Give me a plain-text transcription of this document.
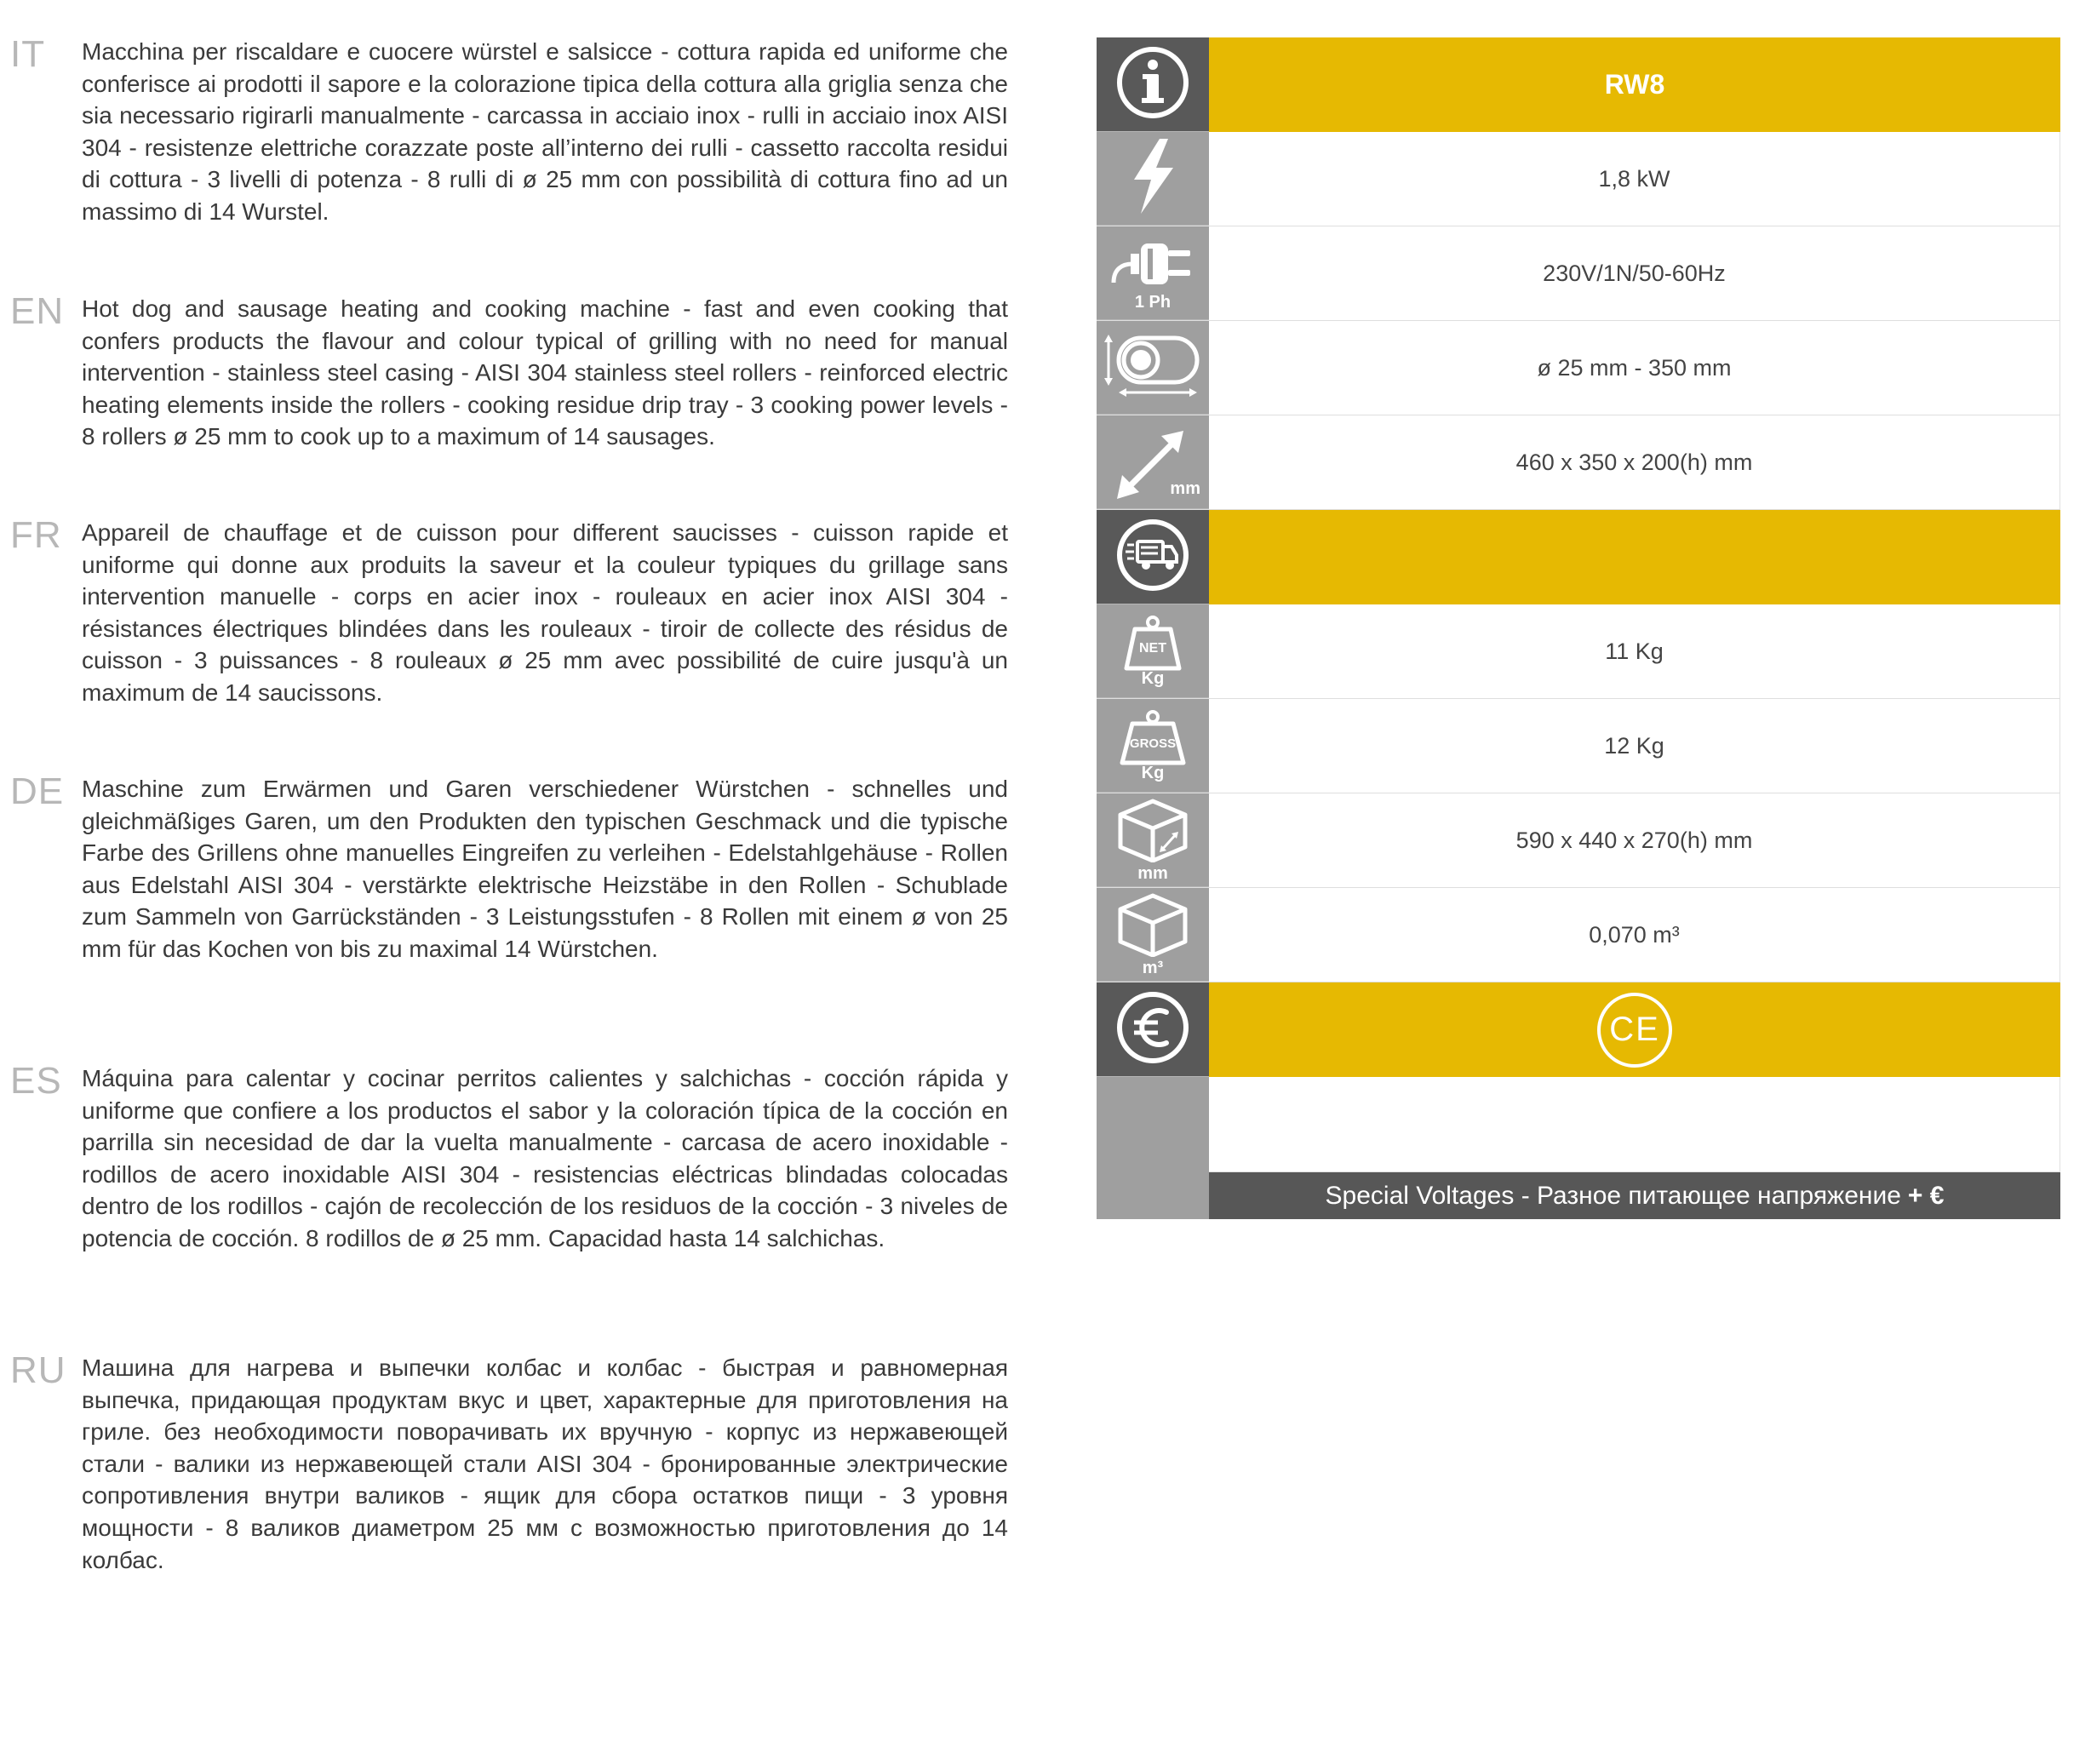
IT Macchina per riscaldare e cuocere würstel e salsicce - cottura rapida ed uniforme che conferisce ai prodotti il sapore e la colorazione tipica della cottura alla griglia senza che sia necessario rigirarli manualmente - carcassa in acciaio inox - rulli in acciaio inox AISI 304 - resistenze elettriche corazzate poste all’interno dei rulli - cassetto raccolta residui di cottura - 3 livelli di potenza - 8 rulli di ø 25 mm con possibilità di cottura fino ad un massimo di 14 Wurstel.
EN Hot dog and sausage heating and cooking machine - fast and even cooking that confers products the flavour and colour typical of grilling with no need for manual intervention - stainless steel casing - AISI 304 stainless steel rollers - reinforced electric heating elements inside the rollers - cooking residue drip tray - 3 cooking power levels - 8 rollers ø 25 mm to cook up to a maximum of 14 sausages.
FR Appareil de chauffage et de cuisson pour different saucisses - cuisson rapide et uniforme qui donne aux produits la saveur et la couleur typiques du grillage sans intervention manuelle - corps en acier inox - rouleaux en acier inox AISI 304 - résistances électriques blindées dans les rouleaux - tiroir de collecte des résidus de cuisson - 3 puissances - 8 rouleaux ø 25 mm avec possibilité de cuire jusqu'à un maximum de 14 saucissons.
DE Maschine zum Erwärmen und Garen verschiedener Würstchen - schnelles und gleichmäßiges Garen, um den Produkten den typischen Geschmack und die typische Farbe des Grillens ohne manuelles Eingreifen zu verleihen - Edelstahlgehäuse - Rollen aus Edelstahl AISI 304 - verstärkte elektrische Heizstäbe in den Rollen - Schublade zum Sammeln von Garrückständen - 3 Leistungsstufen - 8 Rollen mit einem ø von 25 mm für das Kochen von bis zu maximal 14 Würstchen.
ES Máquina para calentar y cocinar perritos calientes y salchichas - cocción rápida y uniforme que confiere a los productos el sabor y la coloración típica de la cocción en parrilla sin necesidad de dar la vuelta manualmente - carcasa de acero inoxidable - rodillos de acero inoxidable AISI 304 - resistencias eléctricas blindadas colocadas dentro de los rodillos - cajón de recolección de los residuos de la cocción - 3 niveles de potencia de cocción. 8 rodillos de ø 25 mm. Capacidad hasta 14 salchichas.
RU Машина для нагрева и выпечки колбас и колбас - быстрая и равномерная выпечка, придающая продуктам вкус и цвет, характерные для приготовления на гриле. без необходимости поворачивать их вручную - корпус из нержавеющей стали - валики из нержавеющей стали AISI 304 - бронированные электрические сопротивления внутри валиков - ящик для сбора остатков пищи - 3 уровня мощности - 8 валиков диаметром 25 мм с возможностью приготовления до 14 колбас.
RW8
1,8 kW
1 Ph
230V/1N/50-60Hz
ø 25 mm - 350 mm
mm
460 x 350 x 200(h) mm
NET
Kg
11 Kg
GROSS
Kg
12 Kg
mm
590 x 440 x 270(h) mm
m³
0,070 m³
CE
Special Voltages - Разное питающее напряжение + €
